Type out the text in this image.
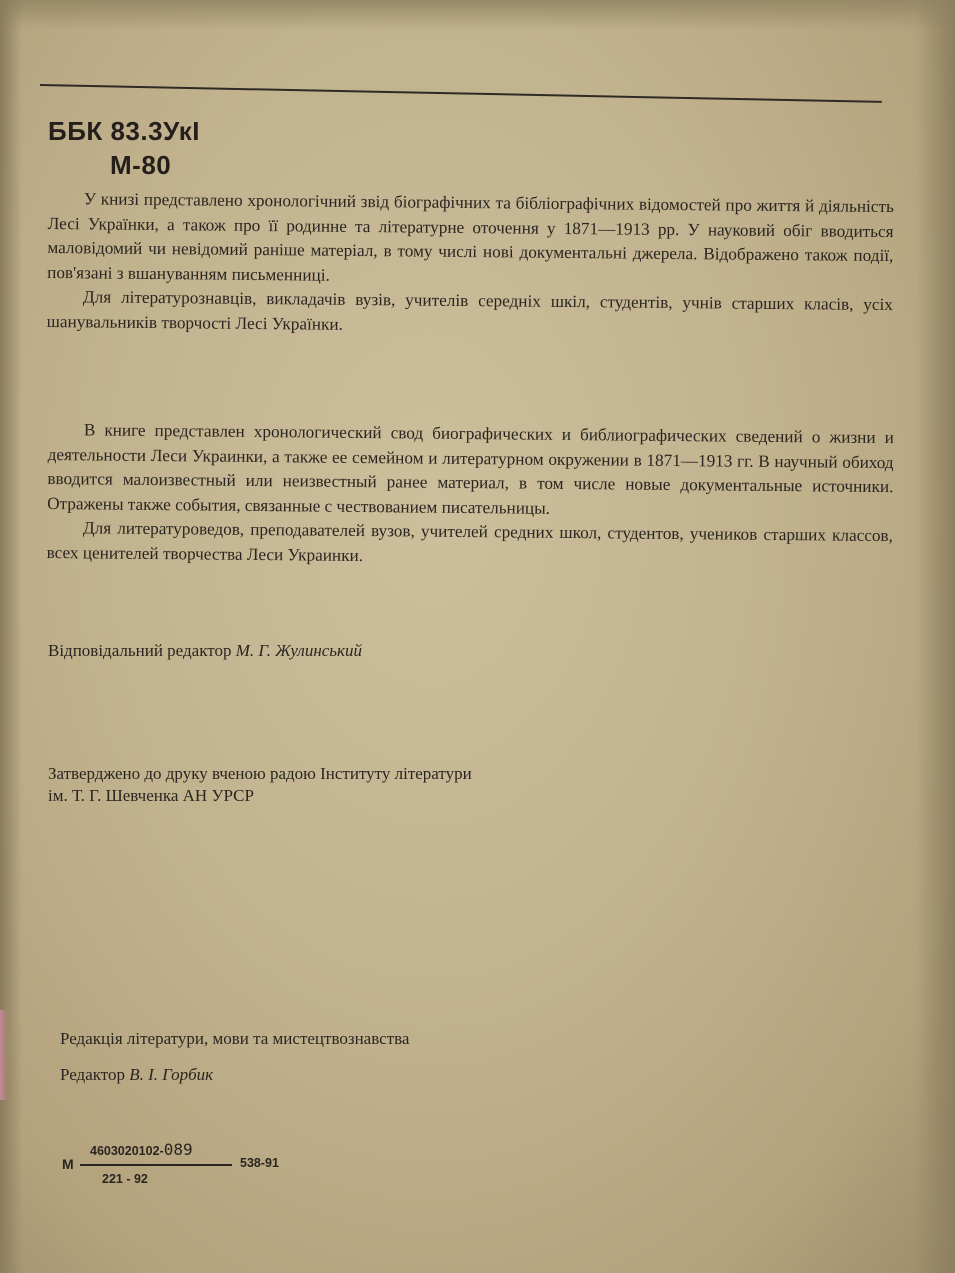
ББК 83.3УкI
М-80

У книзі представлено хронологічний звід біографічних та бібліографічних відомостей про життя й діяльність Лесі Українки, а також про її родинне та літературне оточення у 1871—1913 рр. У науковий обіг вводиться маловідомий чи невідомий раніше матеріал, в тому числі нові документальні джерела. Відображено також події, пов'язані з вшануванням письменниці.

Для літературознавців, викладачів вузів, учителів середніх шкіл, студентів, учнів старших класів, усіх шанувальників творчості Лесі Українки.

В книге представлен хронологический свод биографических и библиографических сведений о жизни и деятельности Леси Украинки, а также ее семейном и литературном окружении в 1871—1913 гг. В научный обиход вводится малоизвестный или неизвестный ранее материал, в том числе новые документальные источники. Отражены также события, связанные с чествованием писательницы.

Для литературоведов, преподавателей вузов, учителей средних школ, студентов, учеников старших классов, всех ценителей творчества Леси Украинки.

Відповідальний редактор М. Г. Жулинський
Затверджено до друку вченою радою Інституту літератури
ім. Т. Г. Шевченка АН УРСР
Редакція літератури, мови та мистецтвознавства
Редактор В. І. Горбик
М
4603020102-089
538-91
221 - 92
